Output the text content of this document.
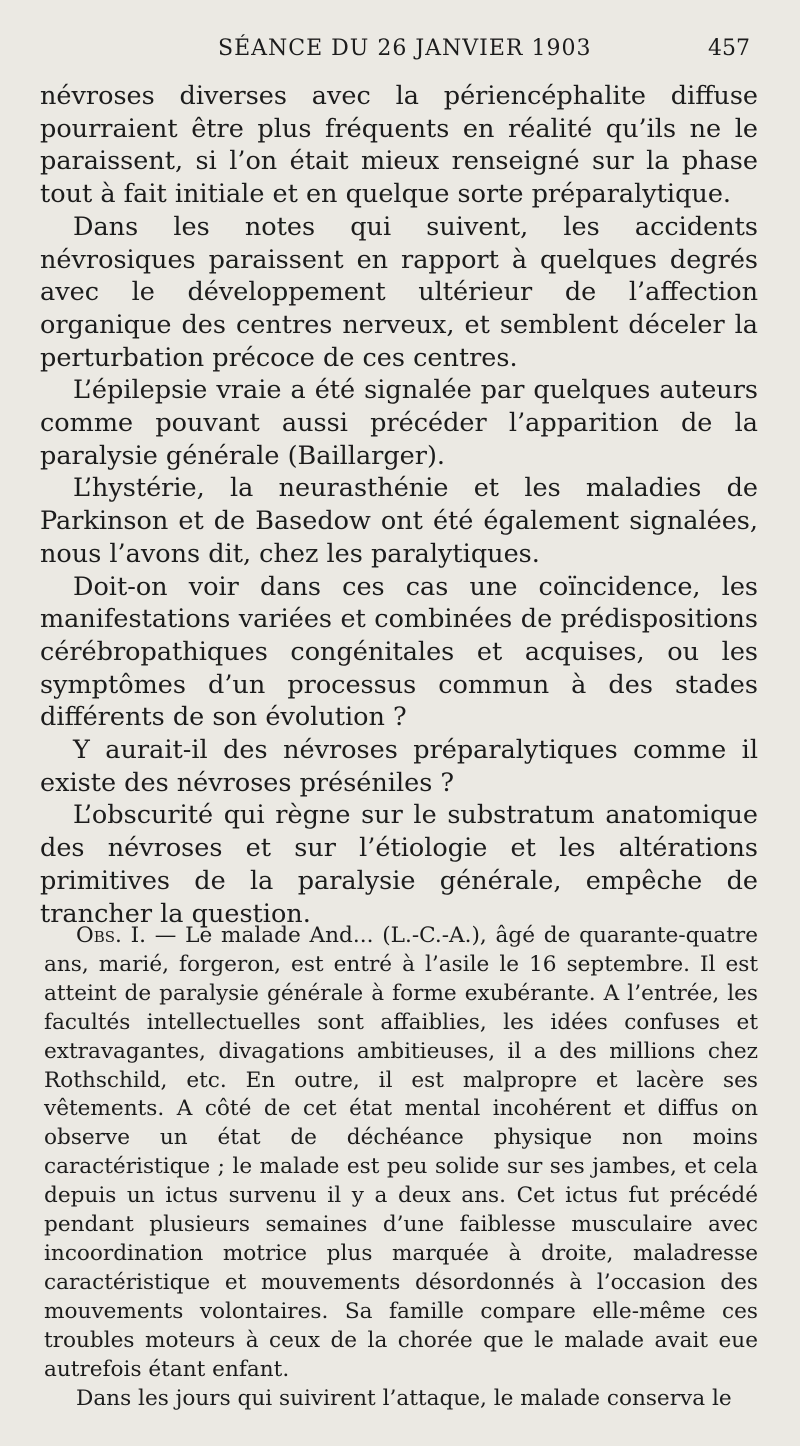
SÉANCE DU 26 JANVIER 1903	457

névroses diverses avec la périencéphalite diffuse pourraient être plus fréquents en réalité qu’ils ne le paraissent, si l’on était mieux renseigné sur la phase tout à fait initiale et en quelque sorte préparalytique.

Dans les notes qui suivent, les accidents névrosiques paraissent en rapport à quelques degrés avec le développement ultérieur de l’affection organique des centres nerveux, et semblent déceler la perturbation précoce de ces centres.

L’épilepsie vraie a été signalée par quelques auteurs comme pouvant aussi précéder l’apparition de la paralysie générale (Baillarger).

L’hystérie, la neurasthénie et les maladies de Parkinson et de Basedow ont été également signalées, nous l’avons dit, chez les paralytiques.

Doit-on voir dans ces cas une coïncidence, les manifestations variées et combinées de prédispositions cérébropathiques congénitales et acquises, ou les symptômes d’un processus commun à des stades différents de son évolution ?

Y aurait-il des névroses préparalytiques comme il existe des névroses préséniles ?

L’obscurité qui règne sur le substratum anatomique des névroses et sur l’étiologie et les altérations primitives de la paralysie générale, empêche de trancher la question.

Obs. I. — Le malade And... (L.-C.-A.), âgé de quarante-quatre ans, marié, forgeron, est entré à l’asile le 16 septembre. Il est atteint de paralysie générale à forme exubérante. A l’entrée, les facultés intellectuelles sont affaiblies, les idées confuses et extravagantes, divagations ambitieuses, il a des millions chez Rothschild, etc. En outre, il est malpropre et lacère ses vêtements. A côté de cet état mental incohérent et diffus on observe un état de déchéance physique non moins caractéristique ; le malade est peu solide sur ses jambes, et cela depuis un ictus survenu il y a deux ans. Cet ictus fut précédé pendant plusieurs semaines d’une faiblesse musculaire avec incoordination motrice plus marquée à droite, maladresse caractéristique et mouvements désordonnés à l’occasion des mouvements volontaires. Sa famille compare elle-même ces troubles moteurs à ceux de la chorée que le malade avait eue autrefois étant enfant.

Dans les jours qui suivirent l’attaque, le malade conserva le
